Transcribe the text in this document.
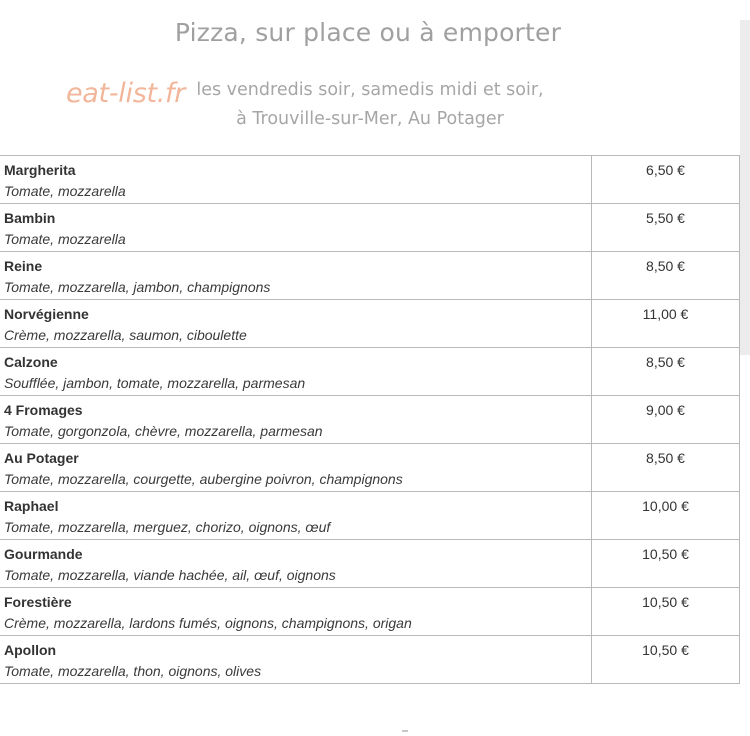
Pizza, sur place ou à emporter
eat-list.fr les vendredis soir, samedis midi et soir,
à Trouville-sur-Mer, Au Potager
Margherita
Tomate, mozzarella	6,50 €

Bambin
Tomate, mozzarella	5,50 €

Reine
Tomate, mozzarella, jambon, champignons	8,50 €

Norvégienne
Crème, mozzarella, saumon, ciboulette	11,00 €

Calzone
Soufflée, jambon, tomate, mozzarella, parmesan	8,50 €

4 Fromages
Tomate, gorgonzola, chèvre, mozzarella, parmesan	9,00 €

Au Potager
Tomate, mozzarella, courgette, aubergine poivron, champignons	8,50 €

Raphael
Tomate, mozzarella, merguez, chorizo, oignons, œuf	10,00 €

Gourmande
Tomate, mozzarella, viande hachée, ail, œuf, oignons	10,50 €

Forestière
Crème, mozzarella, lardons fumés, oignons, champignons, origan	10,50 €

Apollon
Tomate, mozzarella, thon, oignons, olives	10,50 €
